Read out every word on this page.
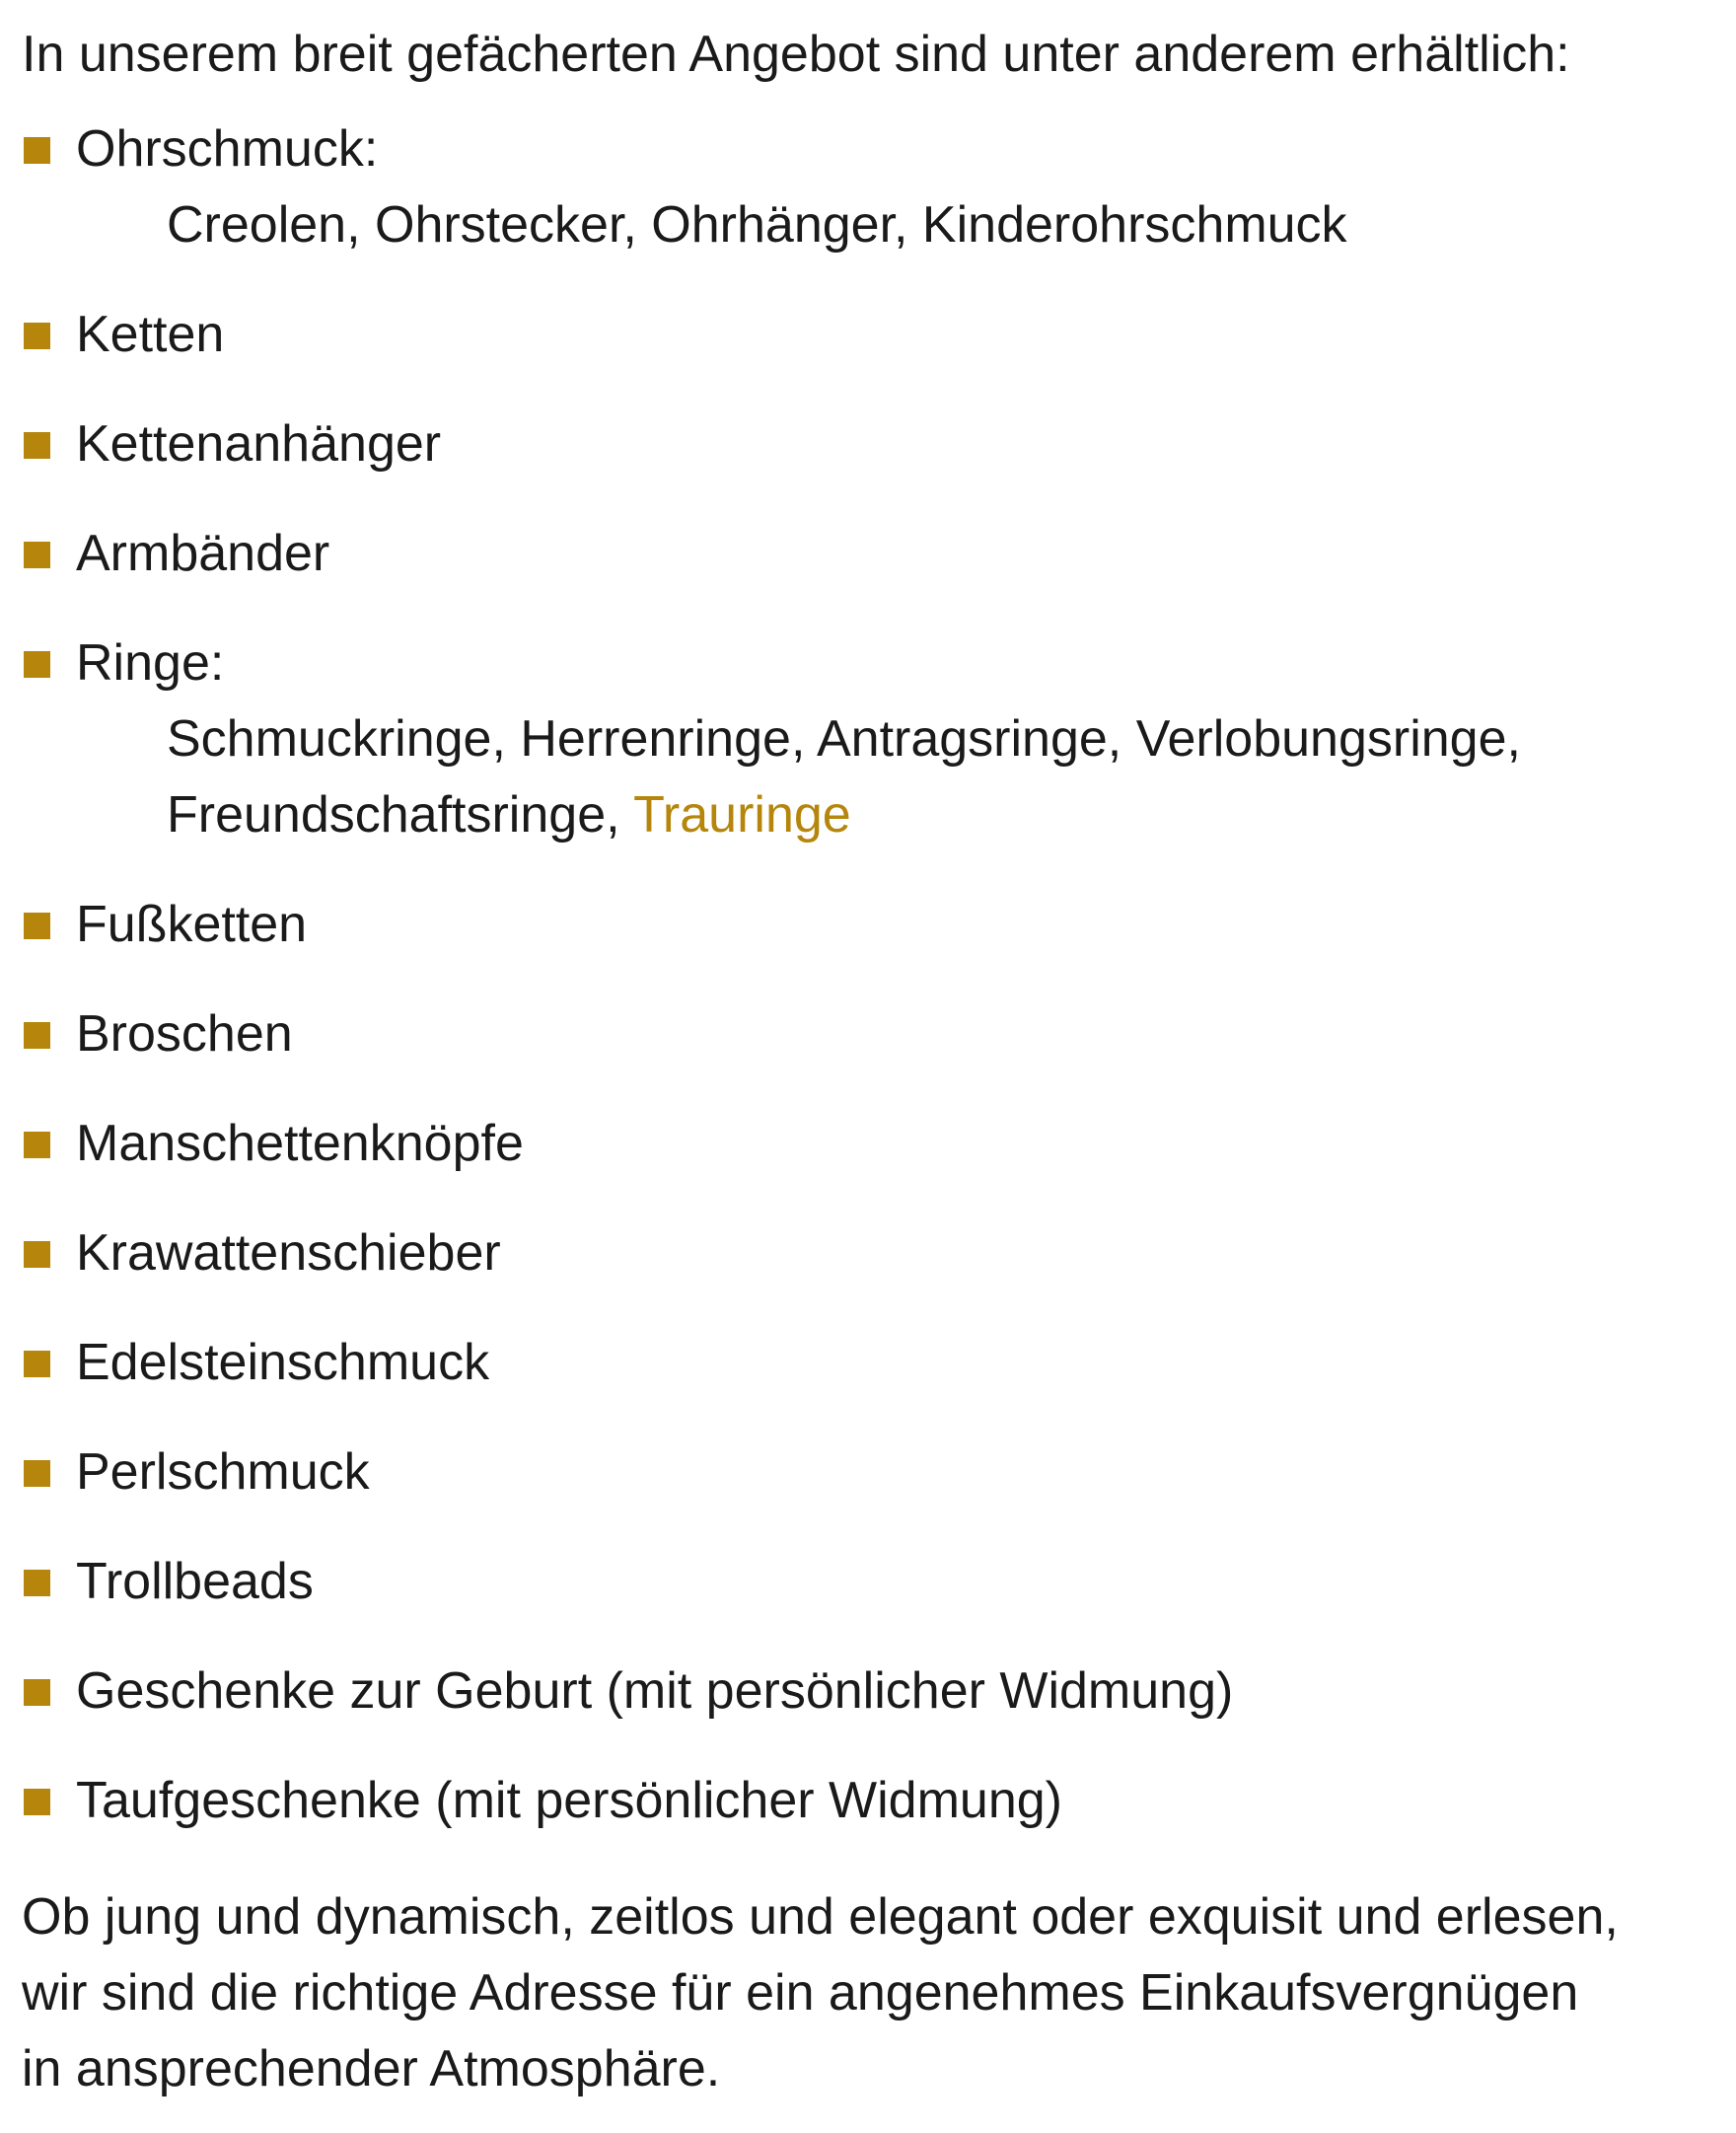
In unserem breit gefächerten Angebot sind unter anderem erhältlich:

Ohrschmuck:
Creolen, Ohrstecker, Ohrhänger, Kinderohrschmuck
Ketten
Kettenanhänger
Armbänder
Ringe:
Schmuckringe, Herrenringe, Antragsringe, Verlobungsringe,
Freundschaftsringe, Trauringe
Fußketten
Broschen
Manschettenknöpfe
Krawattenschieber
Edelsteinschmuck
Perlschmuck
Trollbeads
Geschenke zur Geburt (mit persönlicher Widmung)
Taufgeschenke (mit persönlicher Widmung)

Ob jung und dynamisch, zeitlos und elegant oder exquisit und erlesen,
wir sind die richtige Adresse für ein angenehmes Einkaufsvergnügen
in ansprechender Atmosphäre.
